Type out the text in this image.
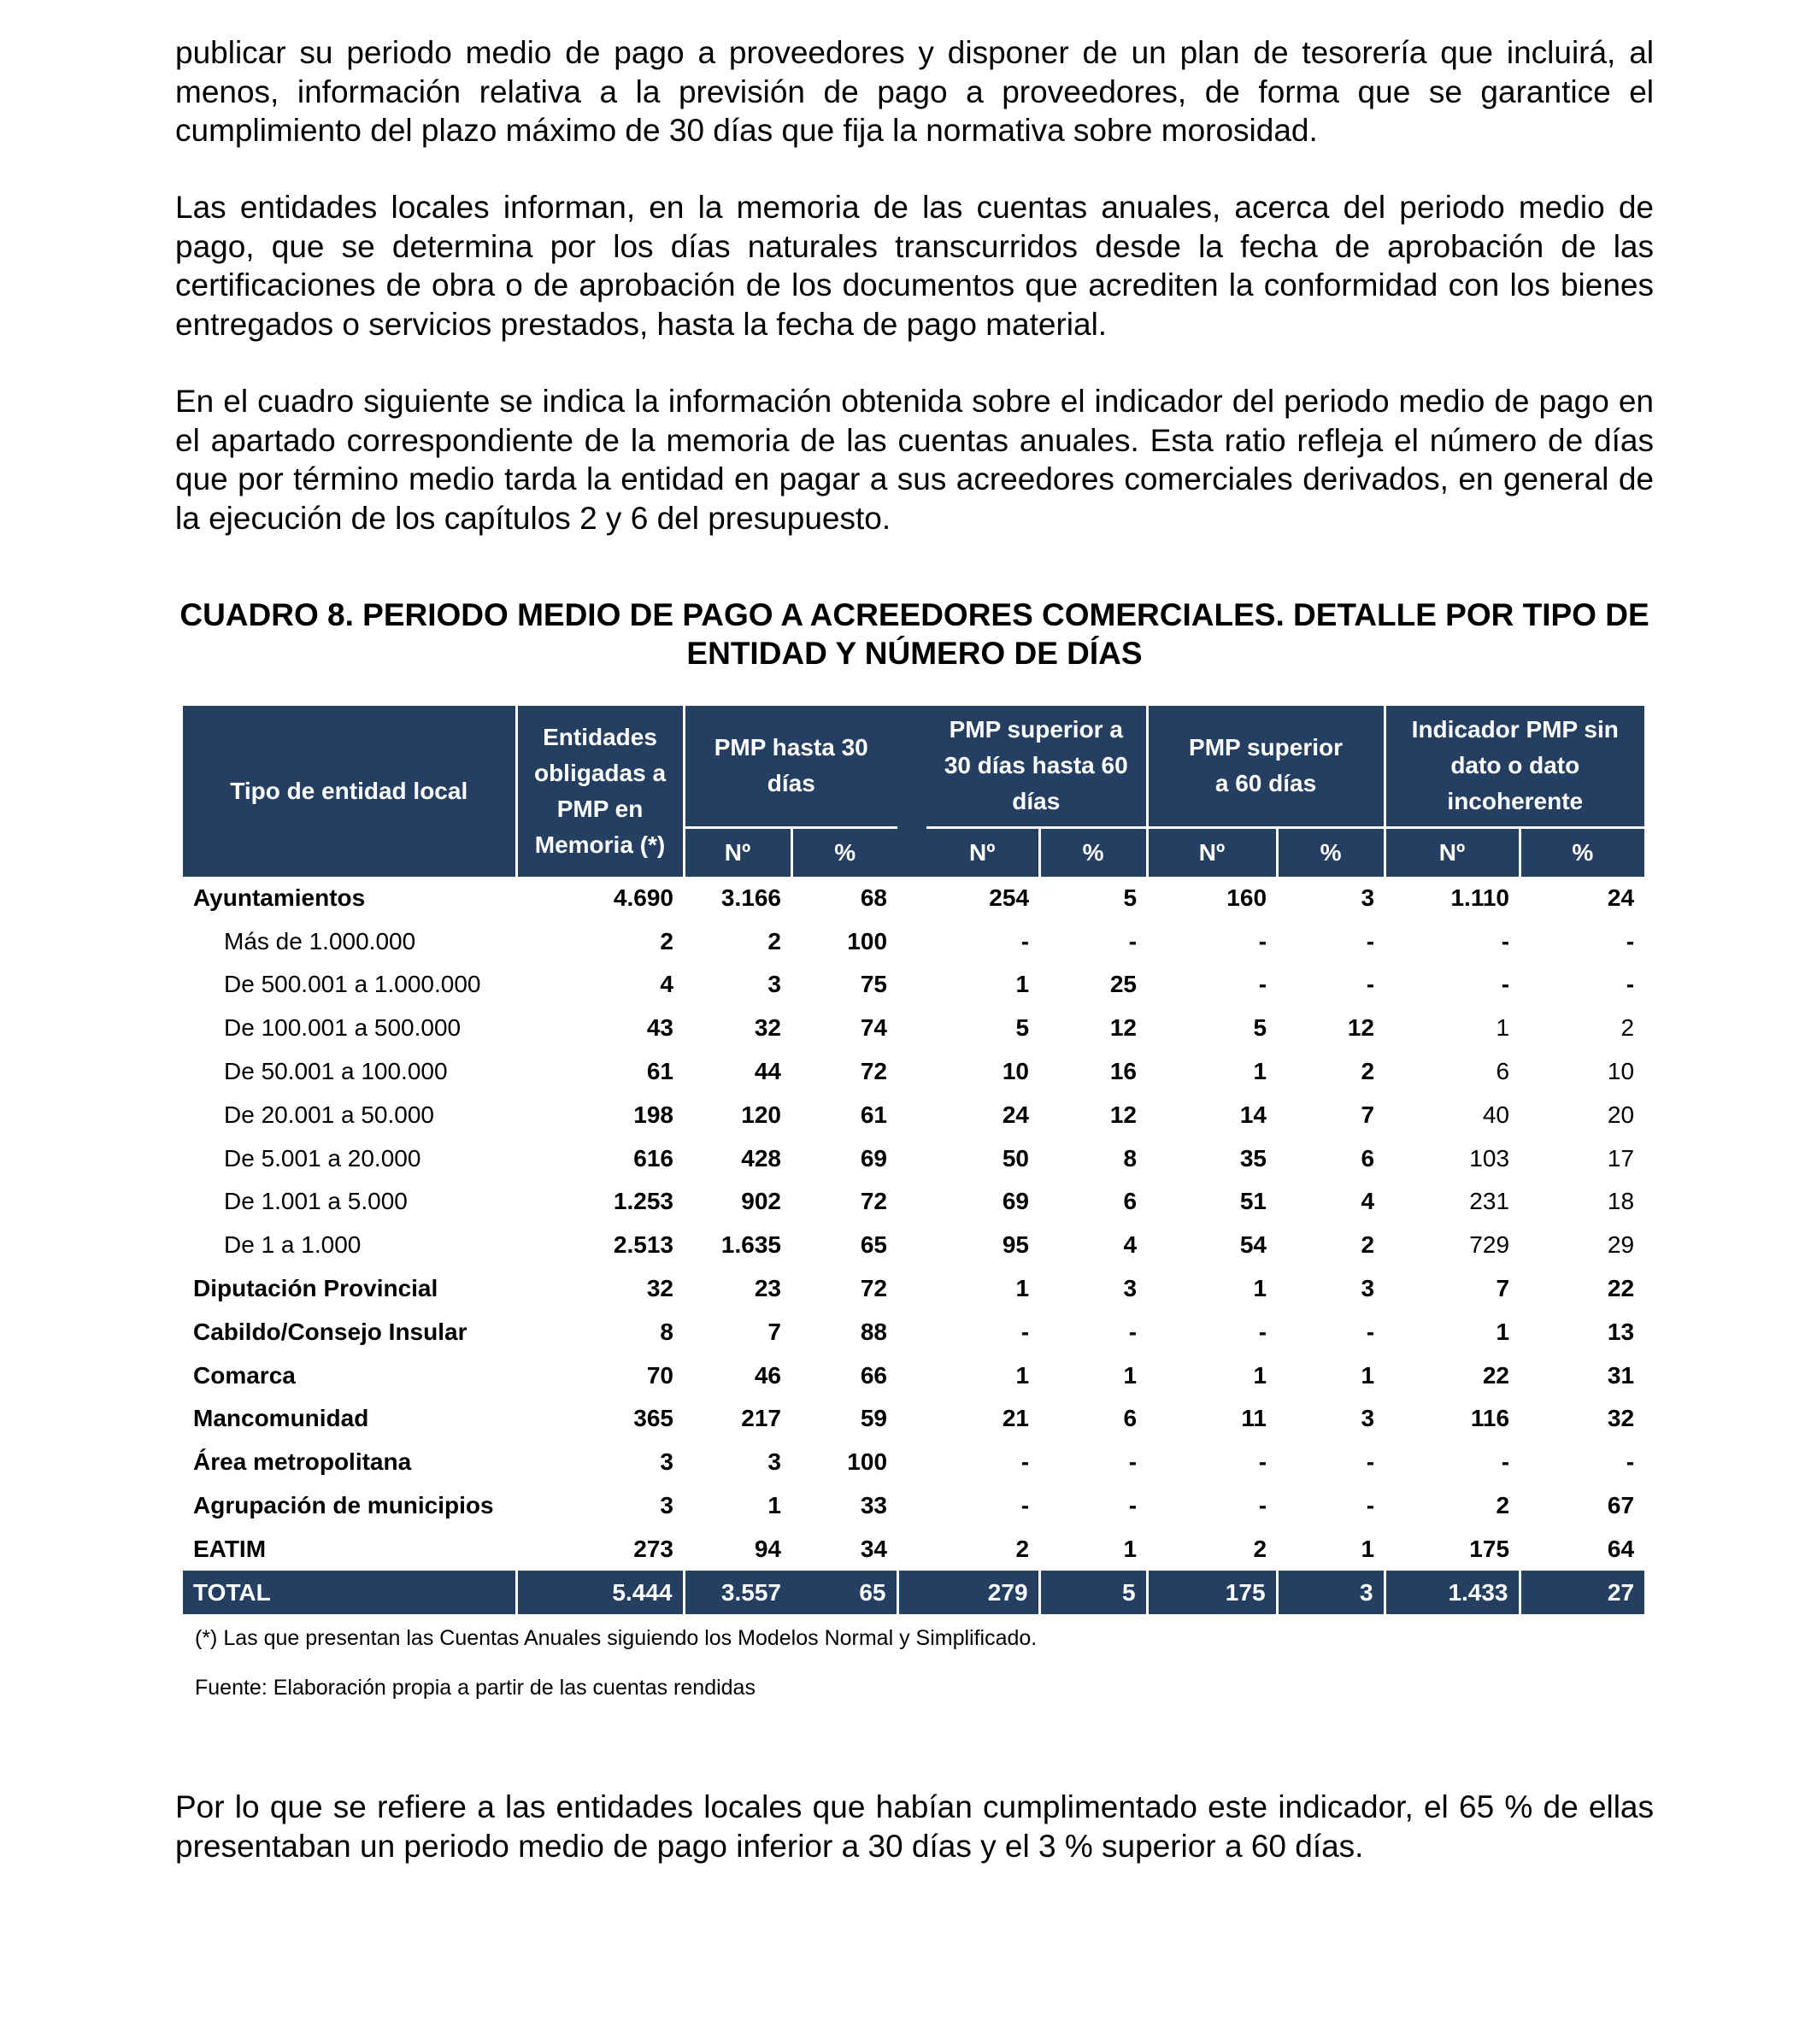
publicar su periodo medio de pago a proveedores y disponer de un plan de tesorería que incluirá, al menos, información relativa a la previsión de pago a proveedores, de forma que se garantice el cumplimiento del plazo máximo de 30 días que fija la normativa sobre morosidad.

Las entidades locales informan, en la memoria de las cuentas anuales, acerca del periodo medio de pago, que se determina por los días naturales transcurridos desde la fecha de aprobación de las certificaciones de obra o de aprobación de los documentos que acrediten la conformidad con los bienes entregados o servicios prestados, hasta la fecha de pago material.

En el cuadro siguiente se indica la información obtenida sobre el indicador del periodo medio de pago en el apartado correspondiente de la memoria de las cuentas anuales. Esta ratio refleja el número de días que por término medio tarda la entidad en pagar a sus acreedores comerciales derivados, en general de la ejecución de los capítulos 2 y 6 del presupuesto.

CUADRO 8. PERIODO MEDIO DE PAGO A ACREEDORES COMERCIALES. DETALLE POR TIPO DE ENTIDAD Y NÚMERO DE DÍAS

Tipo de entidad local	Entidades obligadas a PMP en Memoria (*)	PMP hasta 30 días			PMP superior a 30 días hasta 60 días		PMP superior a 60 días		Indicador PMP sin dato o dato incoherente	
		Nº	%		Nº	%	Nº	%	Nº	%
Ayuntamientos	4.690	3.166	68		254	5	160	3	1.110	24
Más de 1.000.000	2	2	100		-	-	-	-	-	-
De 500.001 a 1.000.000	4	3	75		1	25	-	-	-	-
De 100.001 a 500.000	43	32	74		5	12	5	12	1	2
De 50.001 a 100.000	61	44	72		10	16	1	2	6	10
De 20.001 a 50.000	198	120	61		24	12	14	7	40	20
De 5.001 a 20.000	616	428	69		50	8	35	6	103	17
De 1.001 a 5.000	1.253	902	72		69	6	51	4	231	18
De 1 a 1.000	2.513	1.635	65		95	4	54	2	729	29
Diputación Provincial	32	23	72		1	3	1	3	7	22
Cabildo/Consejo Insular	8	7	88		-	-	-	-	1	13
Comarca	70	46	66		1	1	1	1	22	31
Mancomunidad	365	217	59		21	6	11	3	116	32
Área metropolitana	3	3	100		-	-	-	-	-	-
Agrupación de municipios	3	1	33		-	-	-	-	2	67
EATIM	273	94	34		2	1	2	1	175	64
TOTAL	5.444	3.557	65		279	5	175	3	1.433	27
(*) Las que presentan las Cuentas Anuales siguiendo los Modelos Normal y Simplificado.
Fuente: Elaboración propia a partir de las cuentas rendidas

Por lo que se refiere a las entidades locales que habían cumplimentado este indicador, el 65 % de ellas presentaban un periodo medio de pago inferior a 30 días y el 3 % superior a 60 días.
